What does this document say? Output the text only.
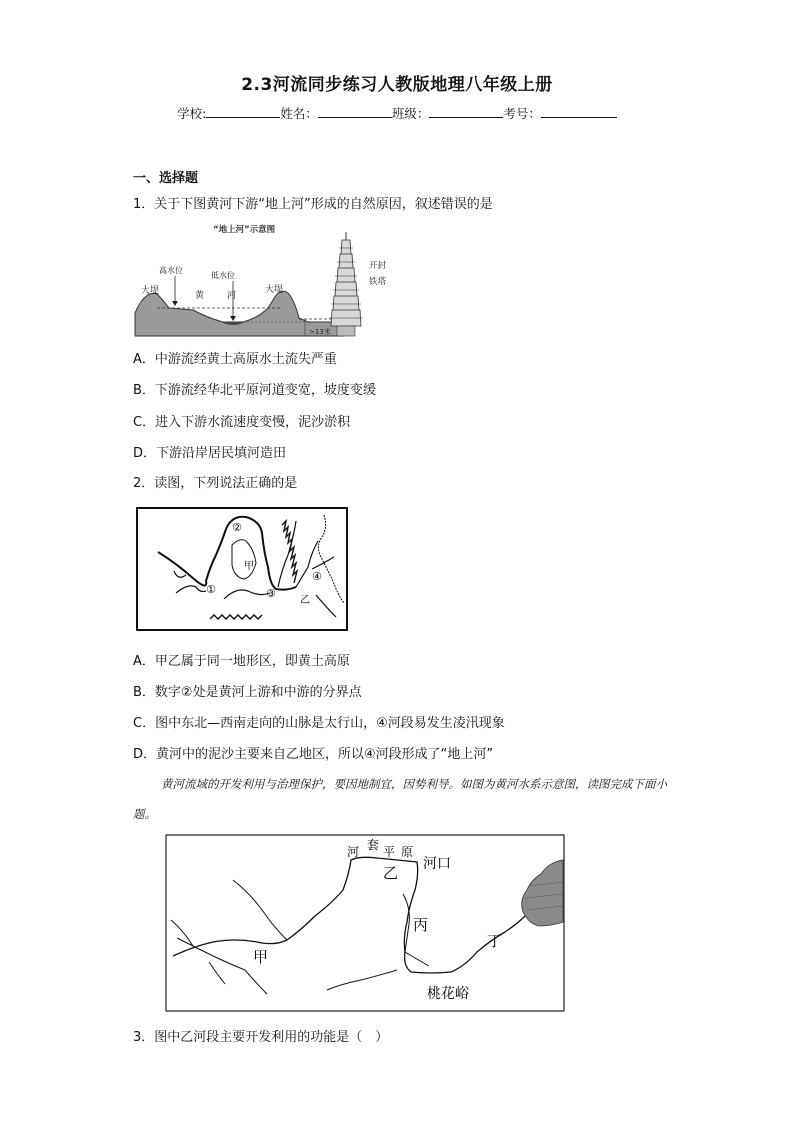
2.3河流同步练习人教版地理八年级上册
学校:	姓名：	班级：	考号：
一、选择题
1．关于下图黄河下游“地上河”形成的自然原因，叙述错误的是
“地上河”示意图
高水位
低水位
大堤	大堤
黄	河
开封
铁塔
>13米
A．中游流经黄土高原水土流失严重
B．下游流经华北平原河道变宽，坡度变缓
C．进入下游水流速度变慢，泥沙淤积
D．下游沿岸居民填河造田
2．读图，下列说法正确的是
②
①	③
④
甲
乙
A．甲乙属于同一地形区，即黄土高原
B．数字②处是黄河上游和中游的分界点
C．图中东北—西南走向的山脉是太行山，④河段易发生凌汛现象
D．黄河中的泥沙主要来自乙地区，所以④河段形成了“地上河”
黄河流域的开发利用与治理保护，要因地制宜，因势利导。如图为黄河水系示意图，读图完成下面小题。
河 套 平 原
河口
乙
丙
丁
甲
桃花峪
3．图中乙河段主要开发利用的功能是（　）
